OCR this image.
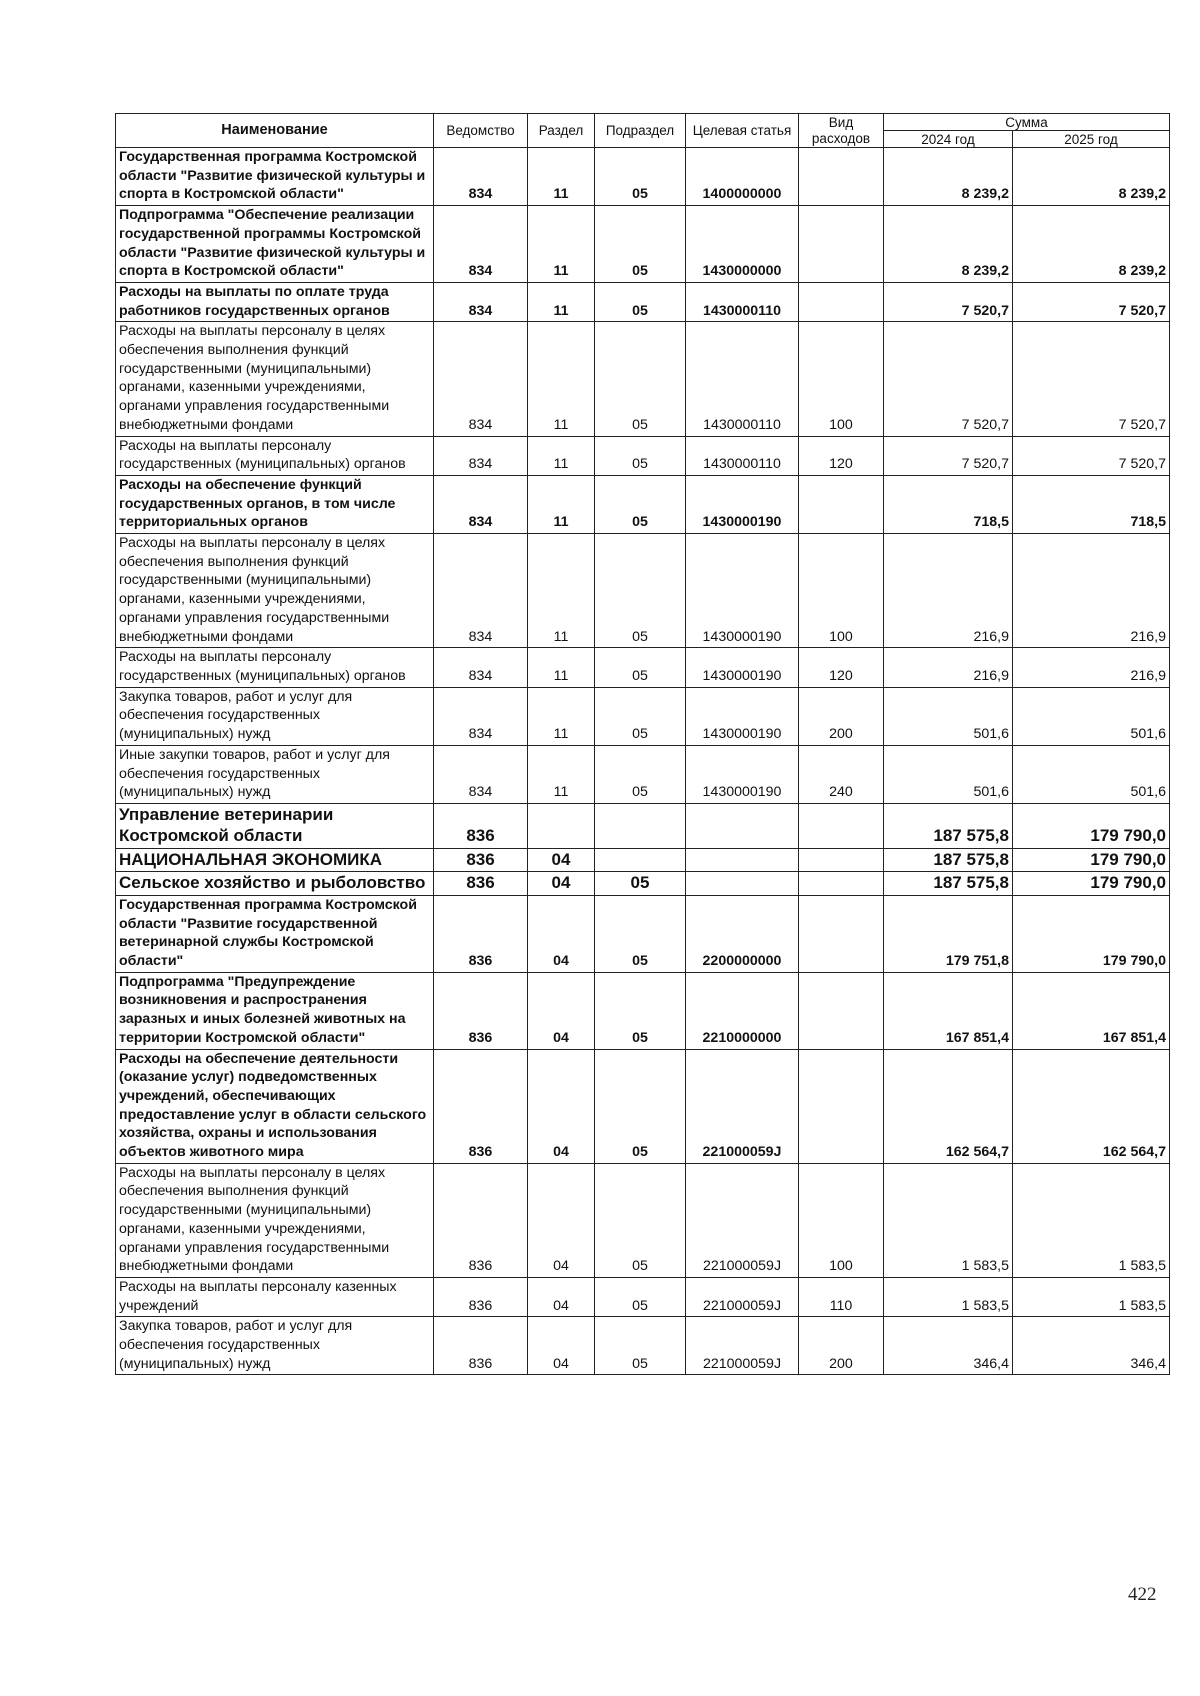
Наименование	Ведомство	Раздел	Подраздел	Целевая статья	Вид расходов	Сумма	
						2024 год	2025 год
Государственная программа Костромской области "Развитие физической культуры и спорта в Костромской области"	834	11	05	1400000000		8 239,2	8 239,2
Подпрограмма "Обеспечение реализации государственной программы Костромской области "Развитие физической культуры и спорта в Костромской области"	834	11	05	1430000000		8 239,2	8 239,2
Расходы на выплаты по оплате труда работников государственных органов	834	11	05	1430000110		7 520,7	7 520,7
Расходы на выплаты персоналу в целях обеспечения выполнения функций государственными (муниципальными) органами, казенными учреждениями, органами управления государственными внебюджетными фондами	834	11	05	1430000110	100	7 520,7	7 520,7
Расходы на выплаты персоналу государственных (муниципальных) органов	834	11	05	1430000110	120	7 520,7	7 520,7
Расходы на обеспечение функций государственных органов, в том числе территориальных органов	834	11	05	1430000190		718,5	718,5
Расходы на выплаты персоналу в целях обеспечения выполнения функций государственными (муниципальными) органами, казенными учреждениями, органами управления государственными внебюджетными фондами	834	11	05	1430000190	100	216,9	216,9
Расходы на выплаты персоналу государственных (муниципальных) органов	834	11	05	1430000190	120	216,9	216,9
Закупка товаров, работ и услуг для обеспечения государственных (муниципальных) нужд	834	11	05	1430000190	200	501,6	501,6
Иные закупки товаров, работ и услуг для обеспечения государственных (муниципальных) нужд	834	11	05	1430000190	240	501,6	501,6
Управление ветеринарии Костромской области	836					187 575,8	179 790,0
НАЦИОНАЛЬНАЯ ЭКОНОМИКА	836	04				187 575,8	179 790,0
Сельское хозяйство и рыболовство	836	04	05			187 575,8	179 790,0
Государственная программа Костромской области "Развитие государственной ветеринарной службы Костромской области"	836	04	05	2200000000		179 751,8	179 790,0
Подпрограмма "Предупреждение возникновения и распространения заразных и иных болезней животных на территории Костромской области"	836	04	05	2210000000		167 851,4	167 851,4
Расходы на обеспечение деятельности (оказание услуг) подведомственных учреждений, обеспечивающих предоставление услуг в области сельского хозяйства, охраны и использования объектов животного мира	836	04	05	221000059J		162 564,7	162 564,7
Расходы на выплаты персоналу в целях обеспечения выполнения функций государственными (муниципальными) органами, казенными учреждениями, органами управления государственными внебюджетными фондами	836	04	05	221000059J	100	1 583,5	1 583,5
Расходы на выплаты персоналу казенных учреждений	836	04	05	221000059J	110	1 583,5	1 583,5
Закупка товаров, работ и услуг для обеспечения государственных (муниципальных) нужд	836	04	05	221000059J	200	346,4	346,4
422
